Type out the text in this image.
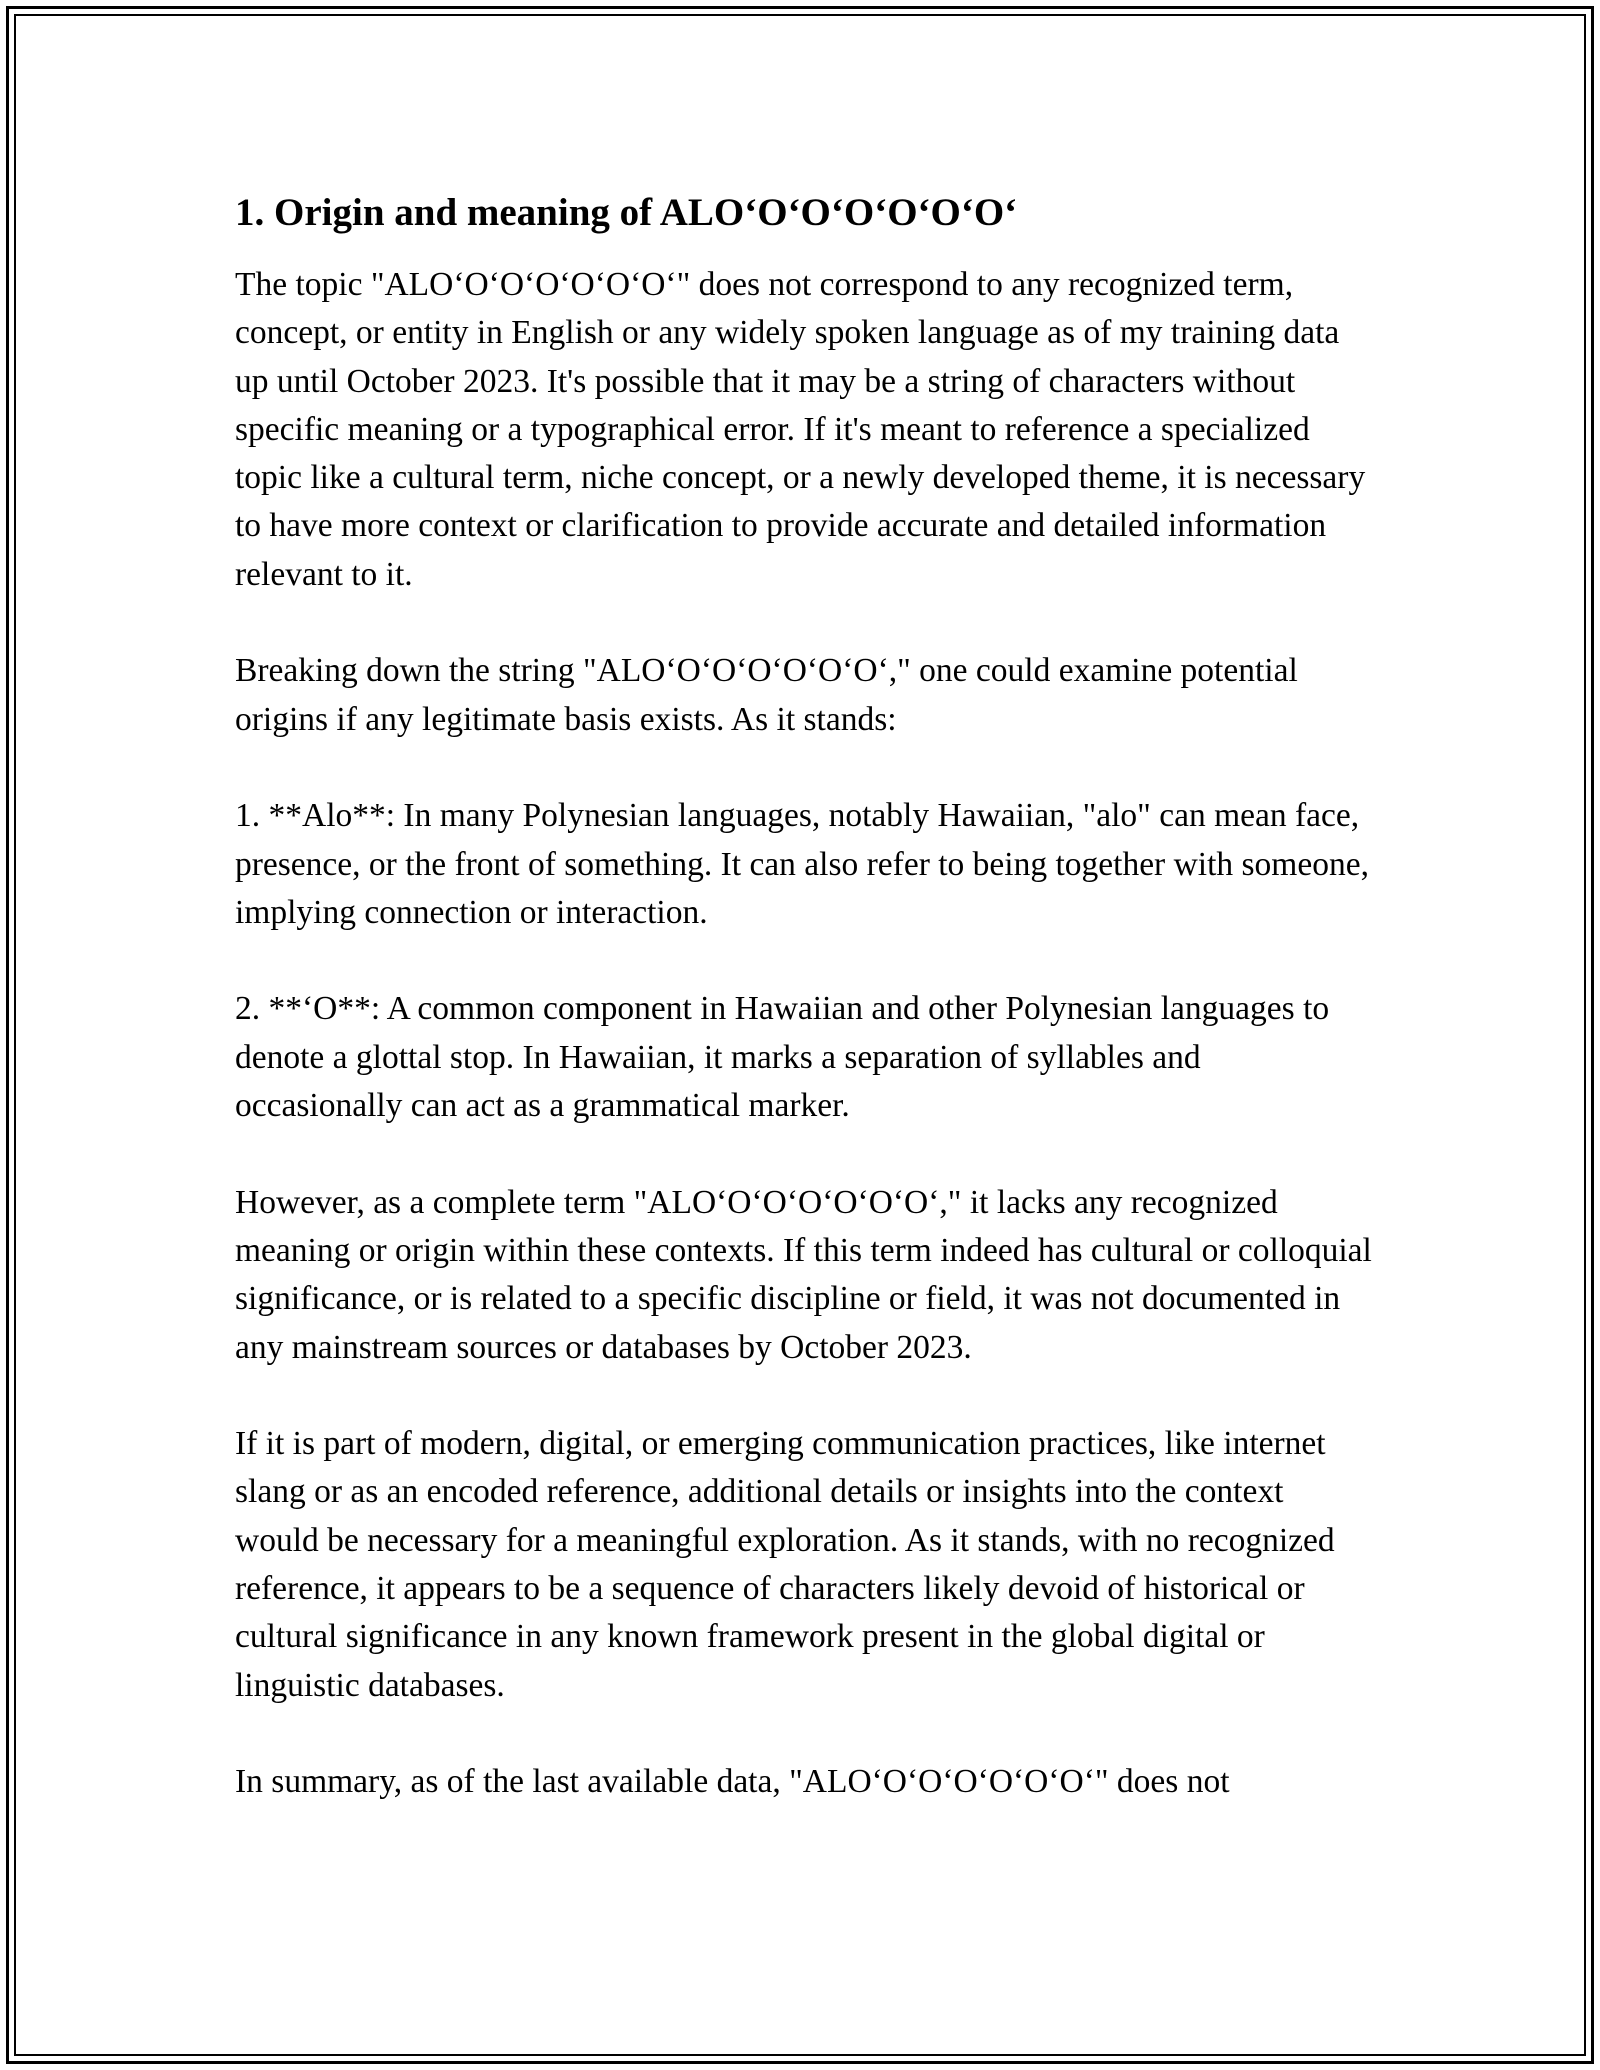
1. Origin and meaning of ALO‘O‘O‘O‘O‘O‘O‘

The topic "ALO‘O‘O‘O‘O‘O‘O‘" does not correspond to any recognized term, concept, or entity in English or any widely spoken language as of my training data up until October 2023. It's possible that it may be a string of characters without specific meaning or a typographical error. If it's meant to reference a specialized topic like a cultural term, niche concept, or a newly developed theme, it is necessary to have more context or clarification to provide accurate and detailed information relevant to it.

Breaking down the string "ALO‘O‘O‘O‘O‘O‘O‘," one could examine potential origins if any legitimate basis exists. As it stands:

1. **Alo**: In many Polynesian languages, notably Hawaiian, "alo" can mean face, presence, or the front of something. It can also refer to being together with someone, implying connection or interaction.

2. **‘O**: A common component in Hawaiian and other Polynesian languages to denote a glottal stop. In Hawaiian, it marks a separation of syllables and occasionally can act as a grammatical marker.

However, as a complete term "ALO‘O‘O‘O‘O‘O‘O‘," it lacks any recognized meaning or origin within these contexts. If this term indeed has cultural or colloquial significance, or is related to a specific discipline or field, it was not documented in any mainstream sources or databases by October 2023.

If it is part of modern, digital, or emerging communication practices, like internet slang or as an encoded reference, additional details or insights into the context would be necessary for a meaningful exploration. As it stands, with no recognized reference, it appears to be a sequence of characters likely devoid of historical or cultural significance in any known framework present in the global digital or linguistic databases.

In summary, as of the last available data, "ALO‘O‘O‘O‘O‘O‘O‘" does not
